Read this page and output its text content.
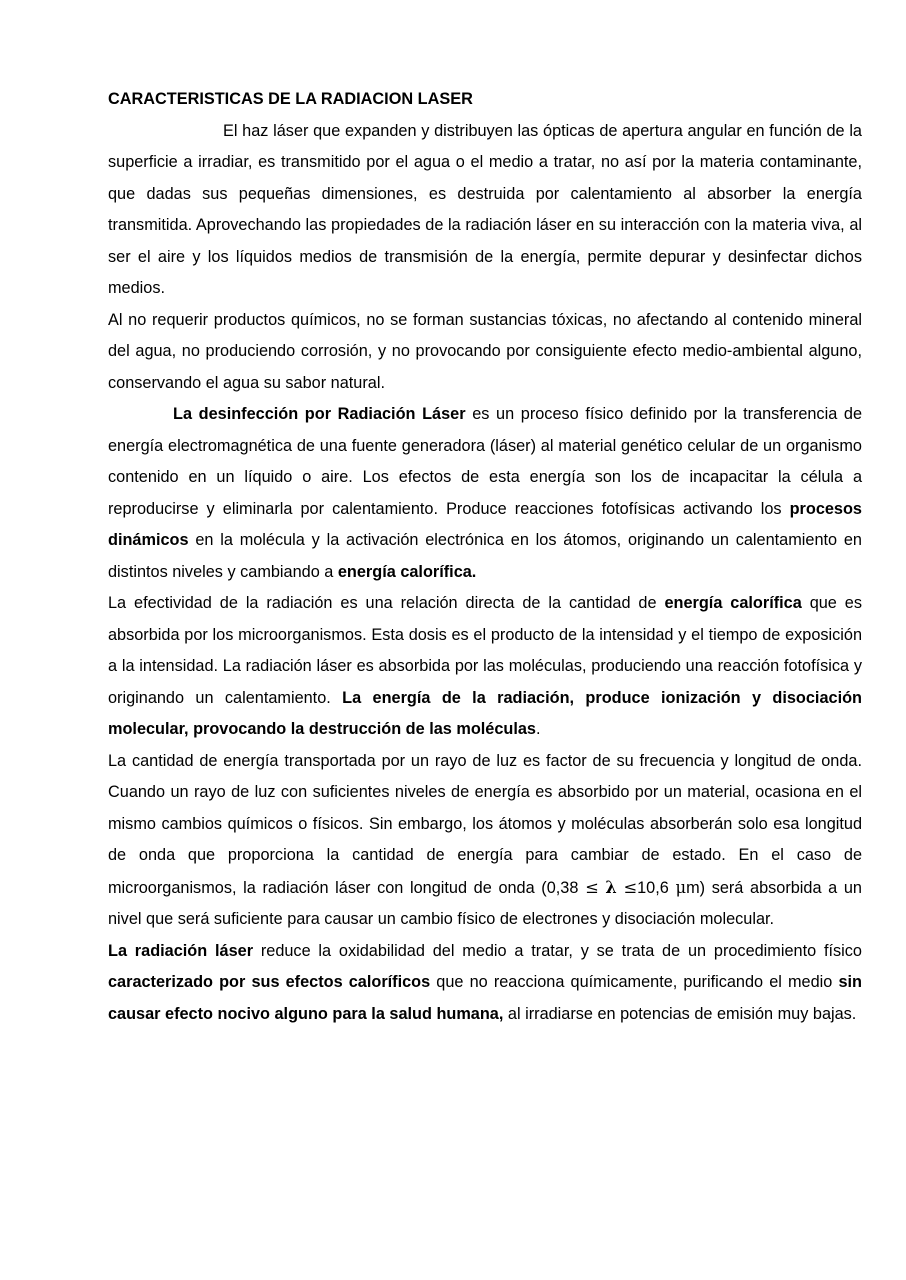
CARACTERISTICAS DE LA RADIACION LASER

El haz láser que expanden y distribuyen las ópticas de apertura angular en función de la superficie a irradiar, es transmitido por el agua o el medio a tratar, no así por la materia contaminante, que dadas sus pequeñas dimensiones, es destruida por calentamiento al absorber la energía transmitida. Aprovechando las propiedades de la radiación láser en su interacción con la materia viva, al ser el aire y los líquidos medios de transmisión de la energía, permite depurar y desinfectar dichos medios.

Al no requerir productos químicos, no se forman sustancias tóxicas, no afectando al contenido mineral del agua, no produciendo corrosión, y no provocando por consiguiente efecto medio-ambiental alguno, conservando el agua su sabor natural.

La desinfección por Radiación Láser es un proceso físico definido por la transferencia de energía electromagnética de una fuente generadora (láser) al material genético celular de un organismo contenido en un líquido o aire. Los efectos de esta energía son los de incapacitar la célula a reproducirse y eliminarla por calentamiento. Produce reacciones fotofísicas activando los procesos dinámicos en la molécula y la activación electrónica en los átomos, originando un calentamiento en distintos niveles y cambiando a energía calorífica.

La efectividad de la radiación es una relación directa de la cantidad de energía calorífica que es absorbida por los microorganismos. Esta dosis es el producto de la intensidad y el tiempo de exposición a la intensidad. La radiación láser es absorbida por las moléculas, produciendo una reacción fotofísica y originando un calentamiento. La energía de la radiación, produce ionización y disociación molecular, provocando la destrucción de las moléculas.

La cantidad de energía transportada por un rayo de luz es factor de su frecuencia y longitud de onda. Cuando un rayo de luz con suficientes niveles de energía es absorbido por un material, ocasiona en el mismo cambios químicos o físicos. Sin embargo, los átomos y moléculas absorberán solo esa longitud de onda que proporciona la cantidad de energía para cambiar de estado. En el caso de microorganismos, la radiación láser con longitud de onda (0,38 ≤ λ ≤10,6 μm) será absorbida a un nivel que será suficiente para causar un cambio físico de electrones y disociación molecular.

La radiación láser reduce la oxidabilidad del medio a tratar, y se trata de un procedimiento físico caracterizado por sus efectos caloríficos que no reacciona químicamente, purificando el medio sin causar efecto nocivo alguno para la salud humana, al irradiarse en potencias de emisión muy bajas.
